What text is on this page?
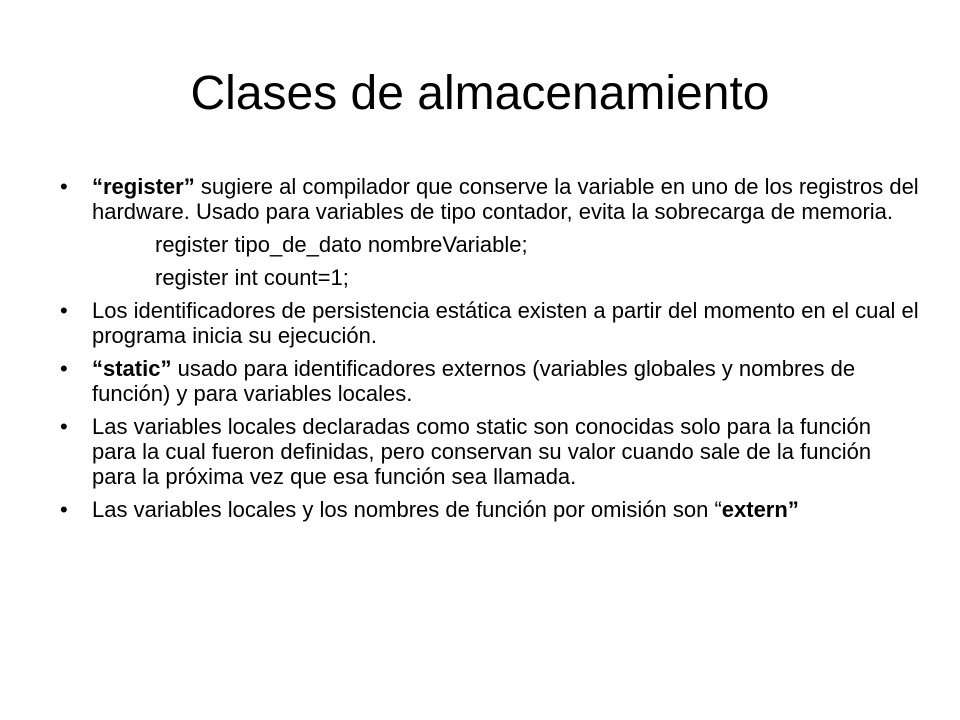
Clases de almacenamiento
• “register” sugiere al compilador que conserve la variable en uno de los registros del hardware. Usado para variables de tipo contador, evita la sobrecarga de memoria.
register tipo_de_dato nombreVariable;
register int count=1;
• Los identificadores de persistencia estática existen a partir del momento en el cual el programa inicia su ejecución.
• “static” usado para identificadores externos (variables globales y nombres de función) y para variables locales.
• Las variables locales declaradas como static son conocidas solo para la función para la cual fueron definidas, pero conservan su valor cuando sale de la función para la próxima vez que esa función sea llamada.
• Las variables locales y los nombres de función por omisión son “extern”
